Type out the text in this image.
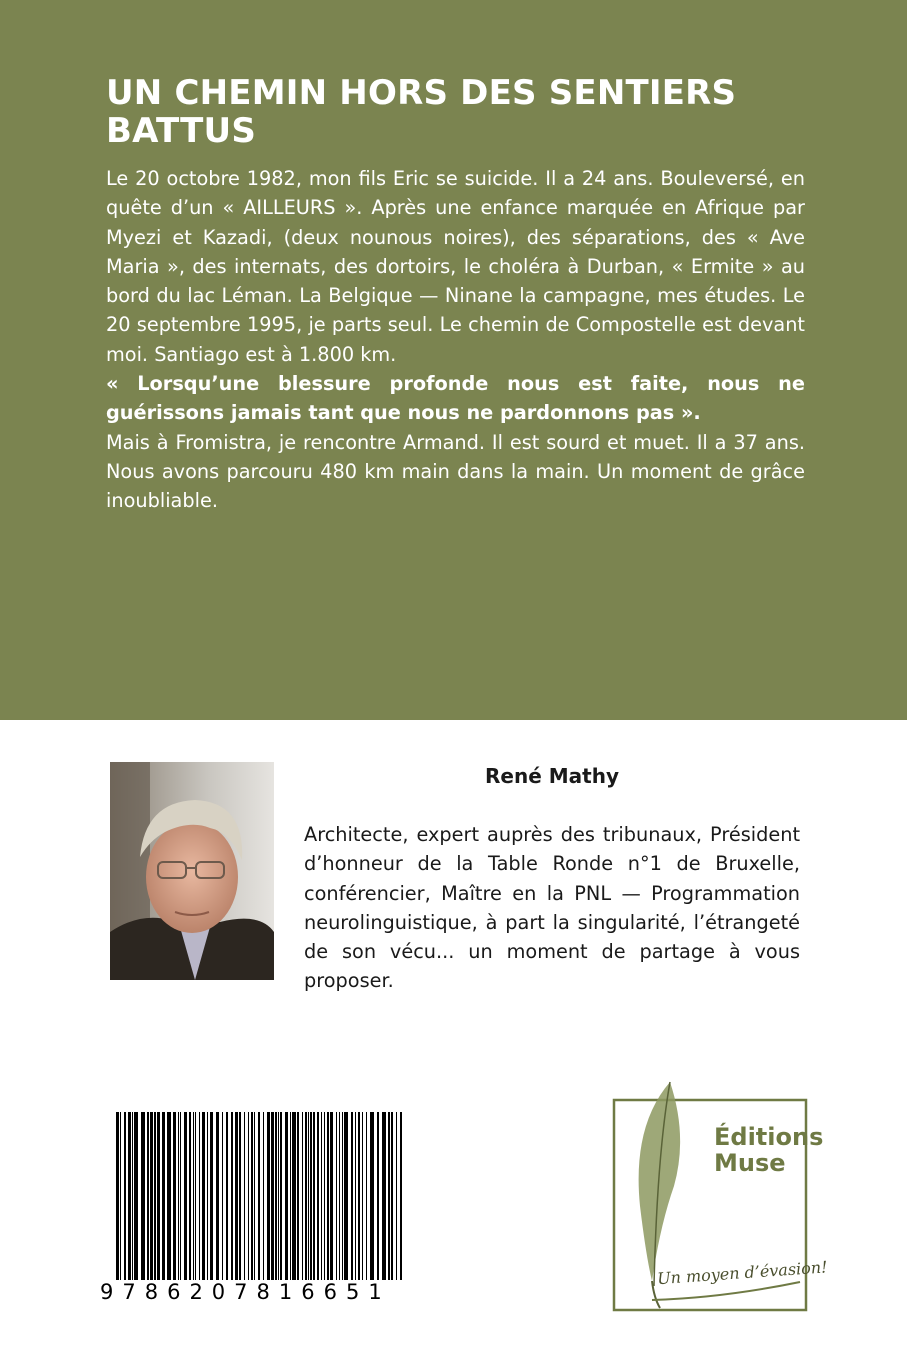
UN CHEMIN HORS DES SENTIERS BATTUS

Le 20 octobre 1982, mon fils Eric se suicide. Il a 24 ans. Bouleversé, en quête d’un « AILLEURS ». Après une enfance marquée en Afrique par Myezi et Kazadi, (deux nounous noires), des séparations, des « Ave Maria », des internats, des dortoirs, le choléra à Durban, « Ermite » au bord du lac Léman. La Belgique — Ninane la campagne, mes études. Le 20 septembre 1995, je parts seul. Le chemin de Compostelle est devant moi. Santiago est à 1.800 km.

« Lorsqu’une blessure profonde nous est faite, nous ne guérissons jamais tant que nous ne pardonnons pas ».

Mais à Fromistra, je rencontre Armand. Il est sourd et muet. Il a 37 ans. Nous avons parcouru 480 km main dans la main. Un moment de grâce inoubliable.

René Mathy

Architecte, expert auprès des tribunaux, Président d’honneur de la Table Ronde n°1 de Bruxelle, conférencier, Maître en la PNL — Programmation neurolinguistique, à part la singularité, l’étrangeté de son vécu... un moment de partage à vous proposer.

9786207816651
Éditions Muse
Un moyen d’évasion!
